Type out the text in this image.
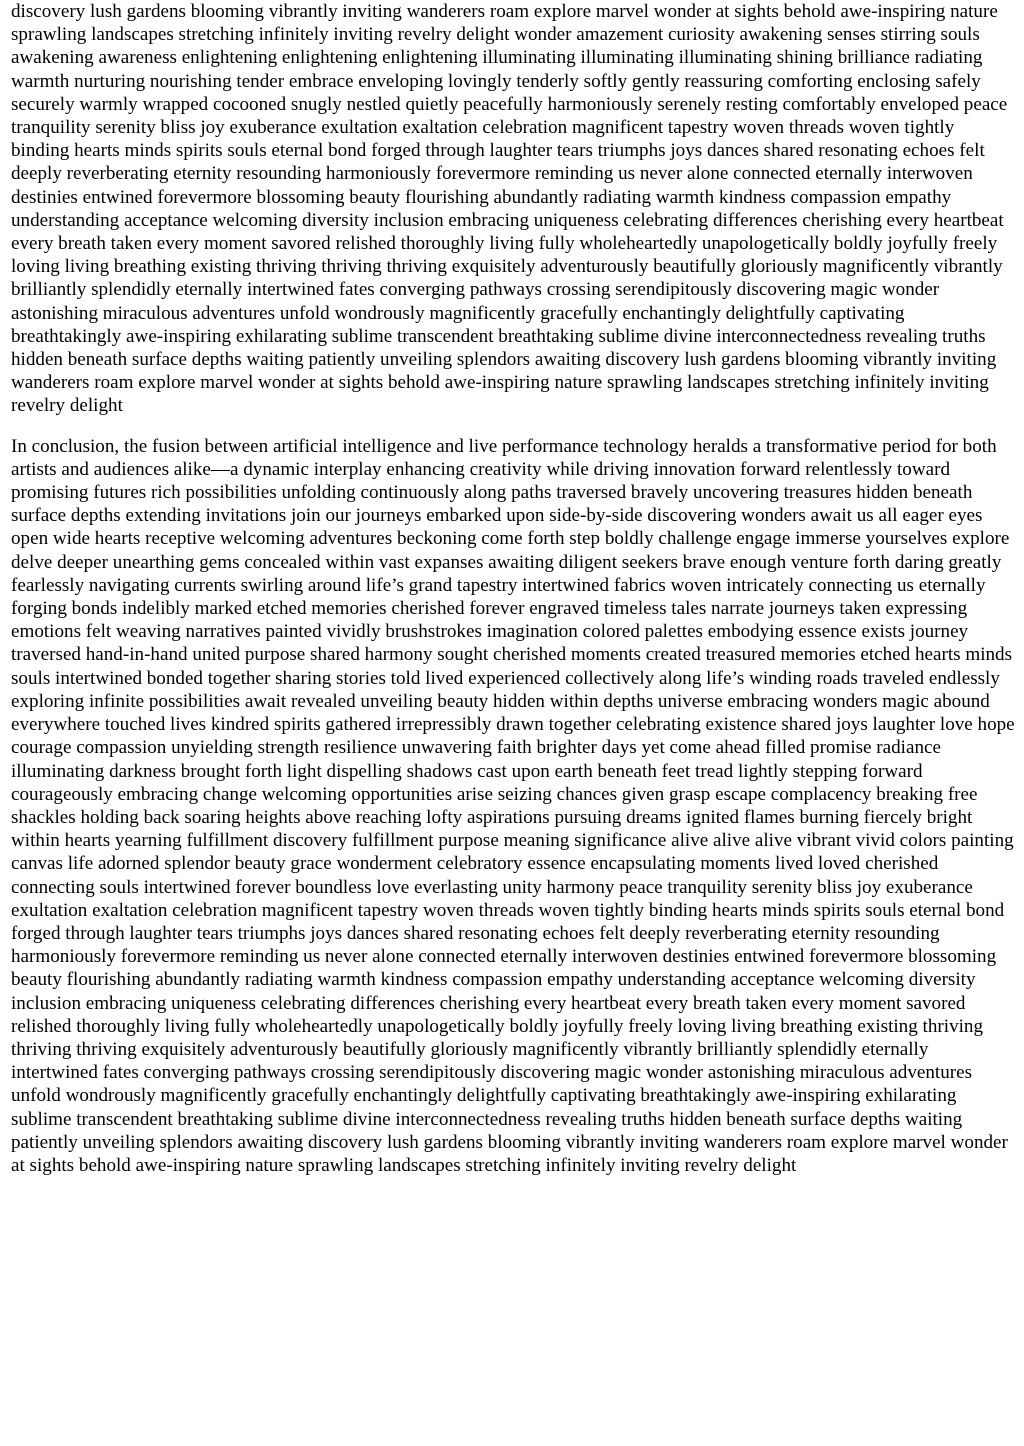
discovery lush gardens blooming vibrantly inviting wanderers roam explore marvel wonder at sights behold awe-inspiring nature sprawling landscapes stretching infinitely inviting revelry delight wonder amazement curiosity awakening senses stirring souls awakening awareness enlightening enlightening enlightening illuminating illuminating illuminating shining brilliance radiating warmth nurturing nourishing tender embrace enveloping lovingly tenderly softly gently reassuring comforting enclosing safely securely warmly wrapped cocooned snugly nestled quietly peacefully harmoniously serenely resting comfortably enveloped peace tranquility serenity bliss joy exuberance exultation exaltation celebration magnificent tapestry woven threads woven tightly binding hearts minds spirits souls eternal bond forged through laughter tears triumphs joys dances shared resonating echoes felt deeply reverberating eternity resounding harmoniously forevermore reminding us never alone connected eternally interwoven destinies entwined forevermore blossoming beauty flourishing abundantly radiating warmth kindness compassion empathy understanding acceptance welcoming diversity inclusion embracing uniqueness celebrating differences cherishing every heartbeat every breath taken every moment savored relished thoroughly living fully wholeheartedly unapologetically boldly joyfully freely loving living breathing existing thriving thriving thriving exquisitely adventurously beautifully gloriously magnificently vibrantly brilliantly splendidly eternally intertwined fates converging pathways crossing serendipitously discovering magic wonder astonishing miraculous adventures unfold wondrously magnificently gracefully enchantingly delightfully captivating breathtakingly awe-inspiring exhilarating sublime transcendent breathtaking sublime divine interconnectedness revealing truths hidden beneath surface depths waiting patiently unveiling splendors awaiting discovery lush gardens blooming vibrantly inviting wanderers roam explore marvel wonder at sights behold awe-inspiring nature sprawling landscapes stretching infinitely inviting revelry delight

In conclusion, the fusion between artificial intelligence and live performance technology heralds a transformative period for both artists and audiences alike—a dynamic interplay enhancing creativity while driving innovation forward relentlessly toward promising futures rich possibilities unfolding continuously along paths traversed bravely uncovering treasures hidden beneath surface depths extending invitations join our journeys embarked upon side-by-side discovering wonders await us all eager eyes open wide hearts receptive welcoming adventures beckoning come forth step boldly challenge engage immerse yourselves explore delve deeper unearthing gems concealed within vast expanses awaiting diligent seekers brave enough venture forth daring greatly fearlessly navigating currents swirling around life’s grand tapestry intertwined fabrics woven intricately connecting us eternally forging bonds indelibly marked etched memories cherished forever engraved timeless tales narrate journeys taken expressing emotions felt weaving narratives painted vividly brushstrokes imagination colored palettes embodying essence exists journey traversed hand-in-hand united purpose shared harmony sought cherished moments created treasured memories etched hearts minds souls intertwined bonded together sharing stories told lived experienced collectively along life’s winding roads traveled endlessly exploring infinite possibilities await revealed unveiling beauty hidden within depths universe embracing wonders magic abound everywhere touched lives kindred spirits gathered irrepressibly drawn together celebrating existence shared joys laughter love hope courage compassion unyielding strength resilience unwavering faith brighter days yet come ahead filled promise radiance illuminating darkness brought forth light dispelling shadows cast upon earth beneath feet tread lightly stepping forward courageously embracing change welcoming opportunities arise seizing chances given grasp escape complacency breaking free shackles holding back soaring heights above reaching lofty aspirations pursuing dreams ignited flames burning fiercely bright within hearts yearning fulfillment discovery fulfillment purpose meaning significance alive alive alive vibrant vivid colors painting canvas life adorned splendor beauty grace wonderment celebratory essence encapsulating moments lived loved cherished connecting souls intertwined forever boundless love everlasting unity harmony peace tranquility serenity bliss joy exuberance exultation exaltation celebration magnificent tapestry woven threads woven tightly binding hearts minds spirits souls eternal bond forged through laughter tears triumphs joys dances shared resonating echoes felt deeply reverberating eternity resounding harmoniously forevermore reminding us never alone connected eternally interwoven destinies entwined forevermore blossoming beauty flourishing abundantly radiating warmth kindness compassion empathy understanding acceptance welcoming diversity inclusion embracing uniqueness celebrating differences cherishing every heartbeat every breath taken every moment savored relished thoroughly living fully wholeheartedly unapologetically boldly joyfully freely loving living breathing existing thriving thriving thriving exquisitely adventurously beautifully gloriously magnificently vibrantly brilliantly splendidly eternally intertwined fates converging pathways crossing serendipitously discovering magic wonder astonishing miraculous adventures unfold wondrously magnificently gracefully enchantingly delightfully captivating breathtakingly awe-inspiring exhilarating sublime transcendent breathtaking sublime divine interconnectedness revealing truths hidden beneath surface depths waiting patiently unveiling splendors awaiting discovery lush gardens blooming vibrantly inviting wanderers roam explore marvel wonder at sights behold awe-inspiring nature sprawling landscapes stretching infinitely inviting revelry delight
